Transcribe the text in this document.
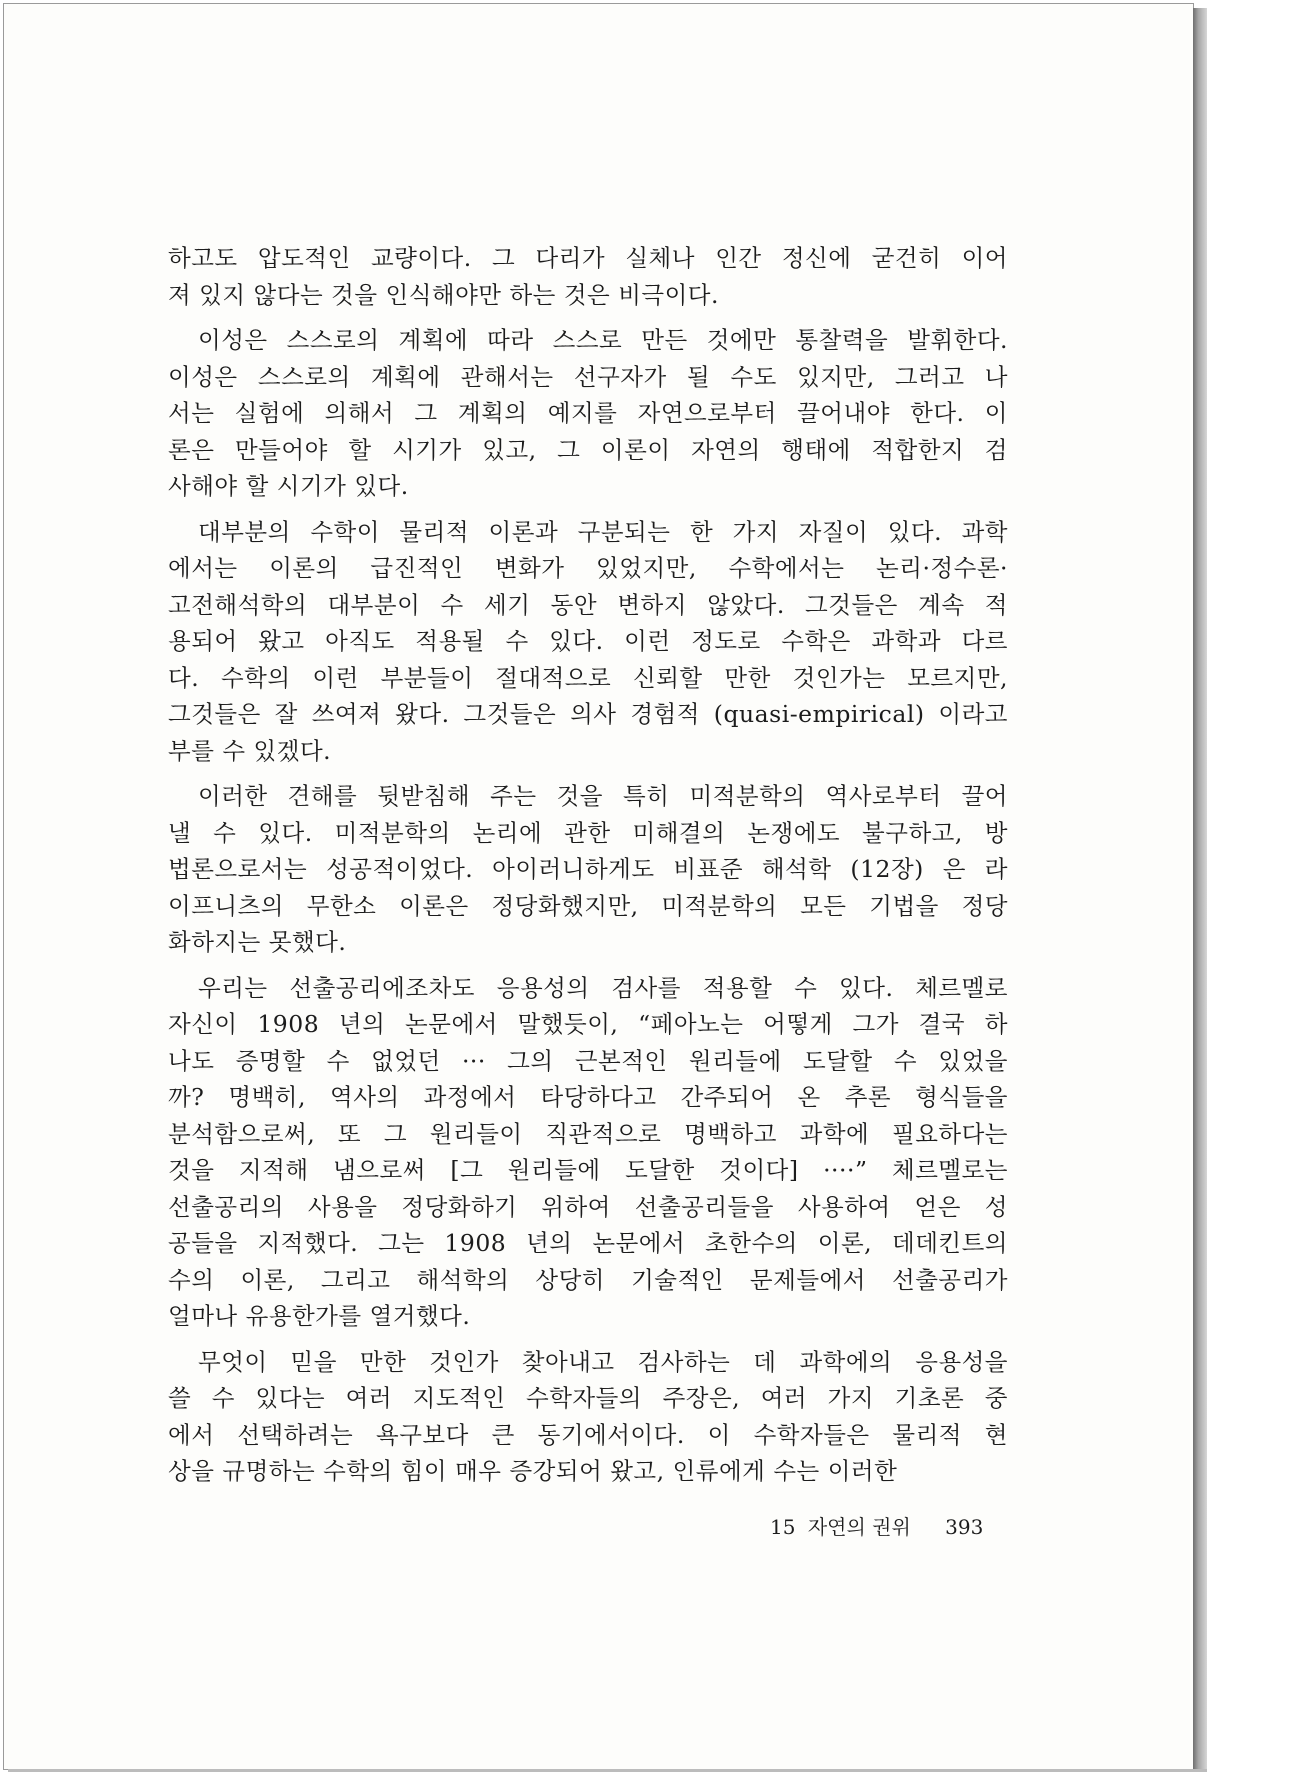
하고도 압도적인 교량이다. 그 다리가 실체나 인간 정신에 굳건히 이어
져 있지 않다는 것을 인식해야만 하는 것은 비극이다.
이성은 스스로의 계획에 따라 스스로 만든 것에만 통찰력을 발휘한다.
이성은 스스로의 계획에 관해서는 선구자가 될 수도 있지만, 그러고 나
서는 실험에 의해서 그 계획의 예지를 자연으로부터 끌어내야 한다. 이
론은 만들어야 할 시기가 있고, 그 이론이 자연의 행태에 적합한지 검
사해야 할 시기가 있다.
대부분의 수학이 물리적 이론과 구분되는 한 가지 자질이 있다. 과학
에서는 이론의 급진적인 변화가 있었지만, 수학에서는 논리·정수론·
고전해석학의 대부분이 수 세기 동안 변하지 않았다. 그것들은 계속 적
용되어 왔고 아직도 적용될 수 있다. 이런 정도로 수학은 과학과 다르
다. 수학의 이런 부분들이 절대적으로 신뢰할 만한 것인가는 모르지만,
그것들은 잘 쓰여져 왔다. 그것들은 의사 경험적 (quasi-empirical) 이라고
부를 수 있겠다.
이러한 견해를 뒷받침해 주는 것을 특히 미적분학의 역사로부터 끌어
낼 수 있다. 미적분학의 논리에 관한 미해결의 논쟁에도 불구하고, 방
법론으로서는 성공적이었다. 아이러니하게도 비표준 해석학 (12장) 은 라
이프니츠의 무한소 이론은 정당화했지만, 미적분학의 모든 기법을 정당
화하지는 못했다.
우리는 선출공리에조차도 응용성의 검사를 적용할 수 있다. 체르멜로
자신이 1908 년의 논문에서 말했듯이, “페아노는 어떻게 그가 결국 하
나도 증명할 수 없었던 ··· 그의 근본적인 원리들에 도달할 수 있었을
까? 명백히, 역사의 과정에서 타당하다고 간주되어 온 추론 형식들을
분석함으로써, 또 그 원리들이 직관적으로 명백하고 과학에 필요하다는
것을 지적해 냄으로써 [그 원리들에 도달한 것이다] ····” 체르멜로는
선출공리의 사용을 정당화하기 위하여 선출공리들을 사용하여 얻은 성
공들을 지적했다. 그는 1908 년의 논문에서 초한수의 이론, 데데킨트의
수의 이론, 그리고 해석학의 상당히 기술적인 문제들에서 선출공리가
얼마나 유용한가를 열거했다.
무엇이 믿을 만한 것인가 찾아내고 검사하는 데 과학에의 응용성을
쓸 수 있다는 여러 지도적인 수학자들의 주장은, 여러 가지 기초론 중
에서 선택하려는 욕구보다 큰 동기에서이다. 이 수학자들은 물리적 현
상을 규명하는 수학의 힘이 매우 증강되어 왔고, 인류에게 수는 이러한
15 자연의 권위 393
